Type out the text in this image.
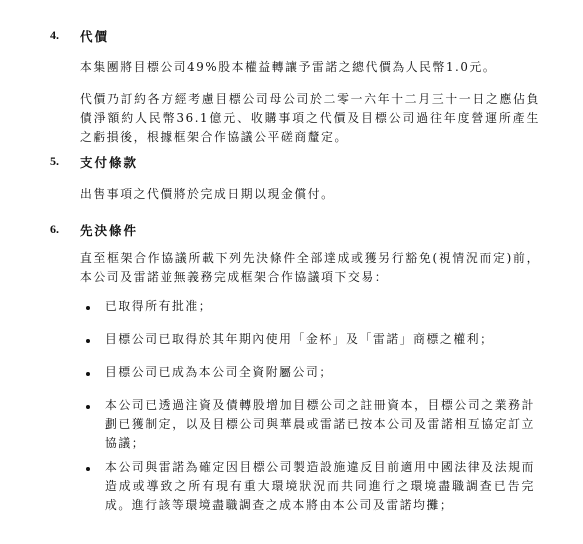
4. 代價
本集團將目標公司49%股本權益轉讓予雷諾之總代價為人民幣1.0元。
代價乃訂約各方經考慮目標公司母公司於二零一六年十二月三十一日之應佔負債淨額約人民幣36.1億元、收購事項之代價及目標公司過往年度營運所產生之虧損後，根據框架合作協議公平磋商釐定。
5. 支付條款
出售事項之代價將於完成日期以現金償付。
6. 先決條件
直至框架合作協議所載下列先決條件全部達成或獲另行豁免(視情況而定)前，本公司及雷諾並無義務完成框架合作協議項下交易：
已取得所有批准；
目標公司已取得於其年期內使用「金杯」及「雷諾」商標之權利；
目標公司已成為本公司全資附屬公司；
本公司已透過注資及債轉股增加目標公司之註冊資本，目標公司之業務計劃已獲制定，以及目標公司與華晨或雷諾已按本公司及雷諾相互協定訂立協議；
本公司與雷諾為確定因目標公司製造設施違反目前適用中國法律及法規而造成或導致之所有現有重大環境狀況而共同進行之環境盡職調查已告完成。進行該等環境盡職調查之成本將由本公司及雷諾均攤；
